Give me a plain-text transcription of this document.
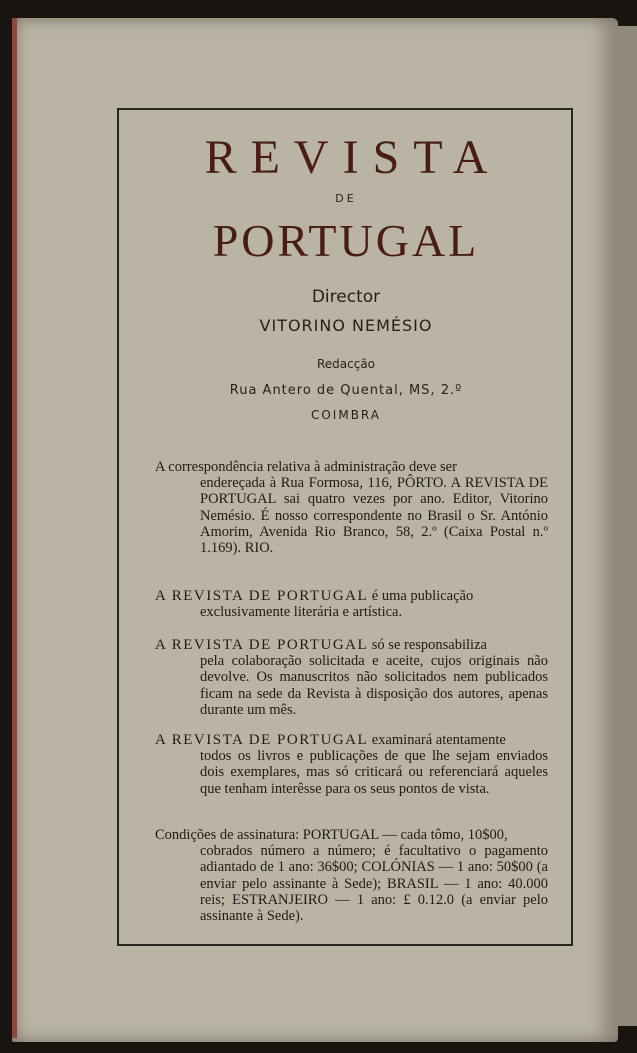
REVISTA
DE
PORTUGAL
Director
VITORINO NEMÉSIO
Redacção
Rua Antero de Quental, MS, 2.º
COIMBRA
A correspondência relativa à administração deve ser
endereçada à Rua Formosa, 116, PÔRTO. A REVISTA DE PORTUGAL sai quatro vezes por ano. Editor, Vitorino Nemésio. É nosso correspondente no Brasil o Sr. António Amorim, Avenida Rio Branco, 58, 2.º (Caixa Postal n.º 1.169). RIO.
A REVISTA DE PORTUGAL é uma publicação
exclusivamente literária e artística.
A REVISTA DE PORTUGAL só se responsabiliza
pela colaboração solicitada e aceite, cujos originais não devolve. Os manuscritos não solicitados nem publicados ficam na sede da Revista à disposição dos autores, apenas durante um mês.
A REVISTA DE PORTUGAL examinará atentamente
todos os livros e publicações de que lhe sejam enviados dois exemplares, mas só criticará ou referenciará aqueles que tenham interêsse para os seus pontos de vista.
Condições de assinatura: PORTUGAL — cada tômo, 10$00,
cobrados número a número; é facultativo o pagamento adiantado de 1 ano: 36$00; COLÓNIAS — 1 ano: 50$00 (a enviar pelo assinante à Sede); BRASIL — 1 ano: 40.000 reis; ESTRANJEIRO — 1 ano: £ 0.12.0 (a enviar pelo assinante à Sede).
